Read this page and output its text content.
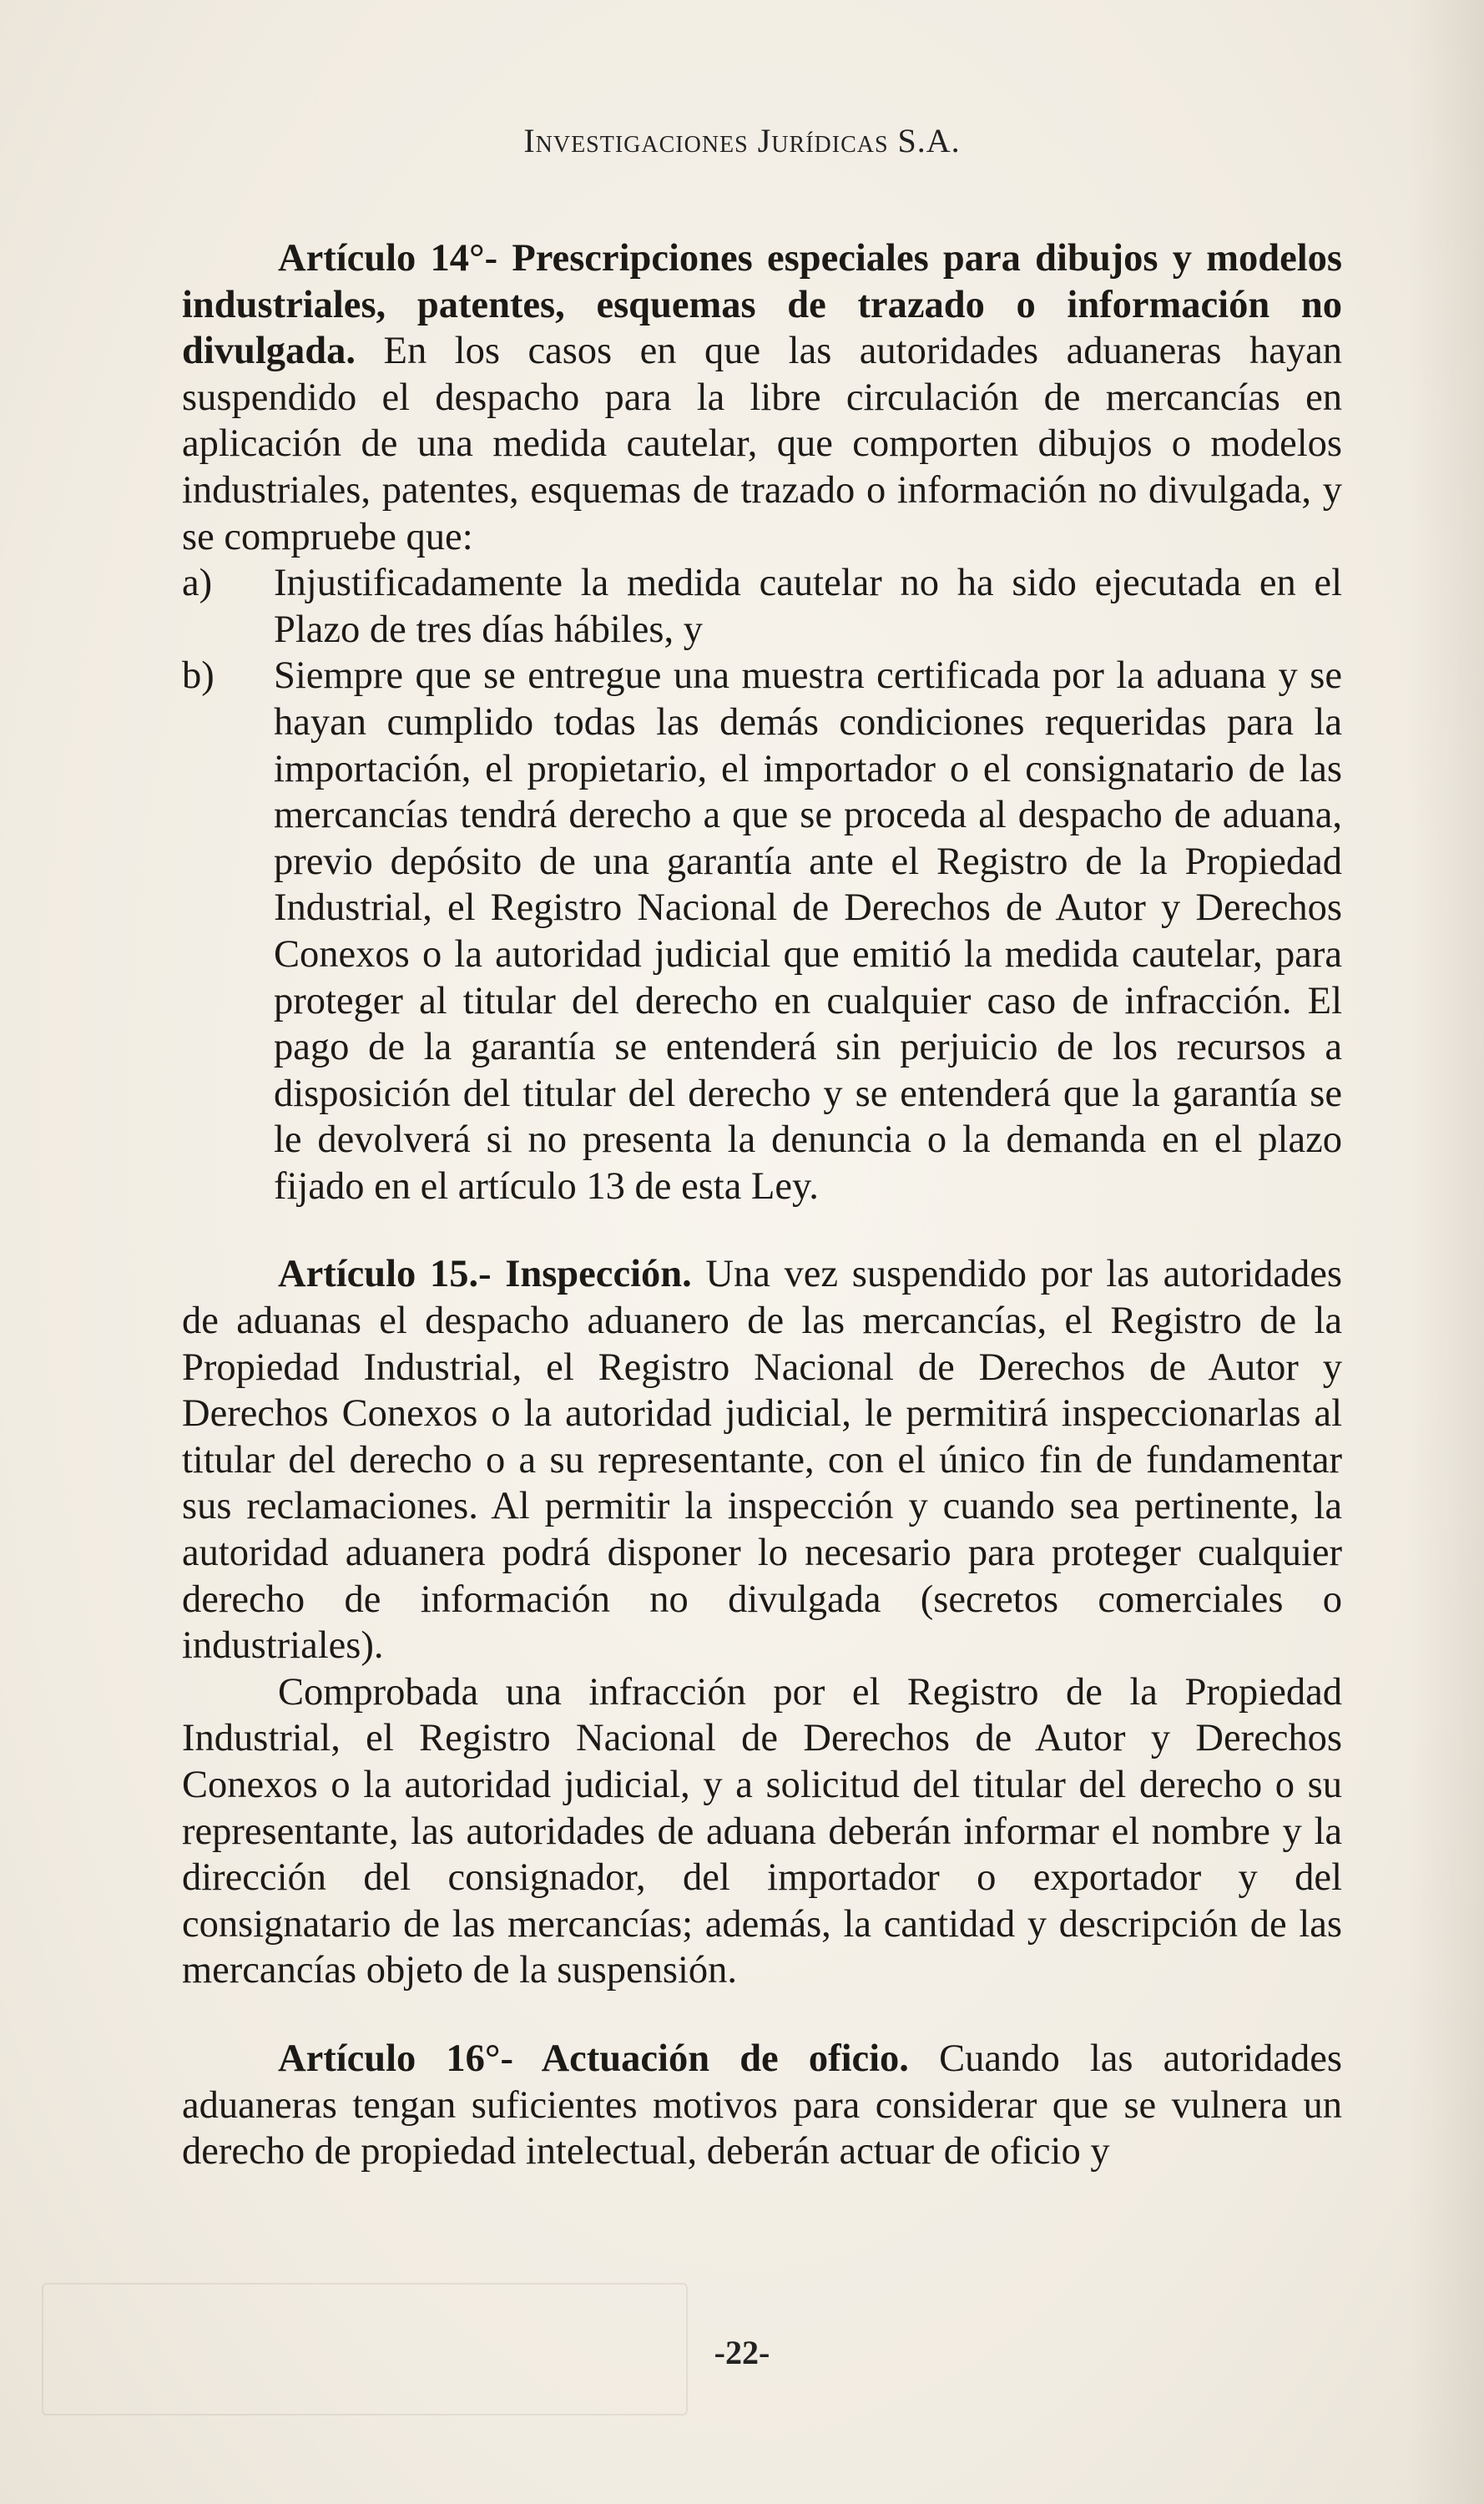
Investigaciones Jurídicas S.A.

Artículo 14°- Prescripciones especiales para dibujos y modelos industriales, patentes, esquemas de trazado o información no divulgada. En los casos en que las autoridades aduaneras hayan suspendido el despacho para la libre circulación de mercancías en aplicación de una medida cautelar, que comporten dibujos o modelos industriales, patentes, esquemas de trazado o información no divulgada, y se compruebe que:

a) Injustificadamente la medida cautelar no ha sido ejecutada en el Plazo de tres días hábiles, y

b) Siempre que se entregue una muestra certificada por la aduana y se hayan cumplido todas las demás condiciones requeridas para la importación, el propietario, el importador o el consignatario de las mercancías tendrá derecho a que se proceda al despacho de aduana, previo depósito de una garantía ante el Registro de la Propiedad Industrial, el Registro Nacional de Derechos de Autor y Derechos Conexos o la autoridad judicial que emitió la medida cautelar, para proteger al titular del derecho en cualquier caso de infracción. El pago de la garantía se entenderá sin perjuicio de los recursos a disposición del titular del derecho y se entenderá que la garantía se le devolverá si no presenta la denuncia o la demanda en el plazo fijado en el artículo 13 de esta Ley.

Artículo 15.- Inspección. Una vez suspendido por las autoridades de aduanas el despacho aduanero de las mercancías, el Registro de la Propiedad Industrial, el Registro Nacional de Derechos de Autor y Derechos Conexos o la autoridad judicial, le permitirá inspeccionarlas al titular del derecho o a su representante, con el único fin de fundamentar sus reclamaciones. Al permitir la inspección y cuando sea pertinente, la autoridad aduanera podrá disponer lo necesario para proteger cualquier derecho de información no divulgada (secretos comerciales o industriales).

Comprobada una infracción por el Registro de la Propiedad Industrial, el Registro Nacional de Derechos de Autor y Derechos Conexos o la autoridad judicial, y a solicitud del titular del derecho o su representante, las autoridades de aduana deberán informar el nombre y la dirección del consignador, del importador o exportador y del consignatario de las mercancías; además, la cantidad y descripción de las mercancías objeto de la suspensión.

Artículo 16°- Actuación de oficio. Cuando las autoridades aduaneras tengan suficientes motivos para considerar que se vulnera un derecho de propiedad intelectual, deberán actuar de oficio y

-22-
